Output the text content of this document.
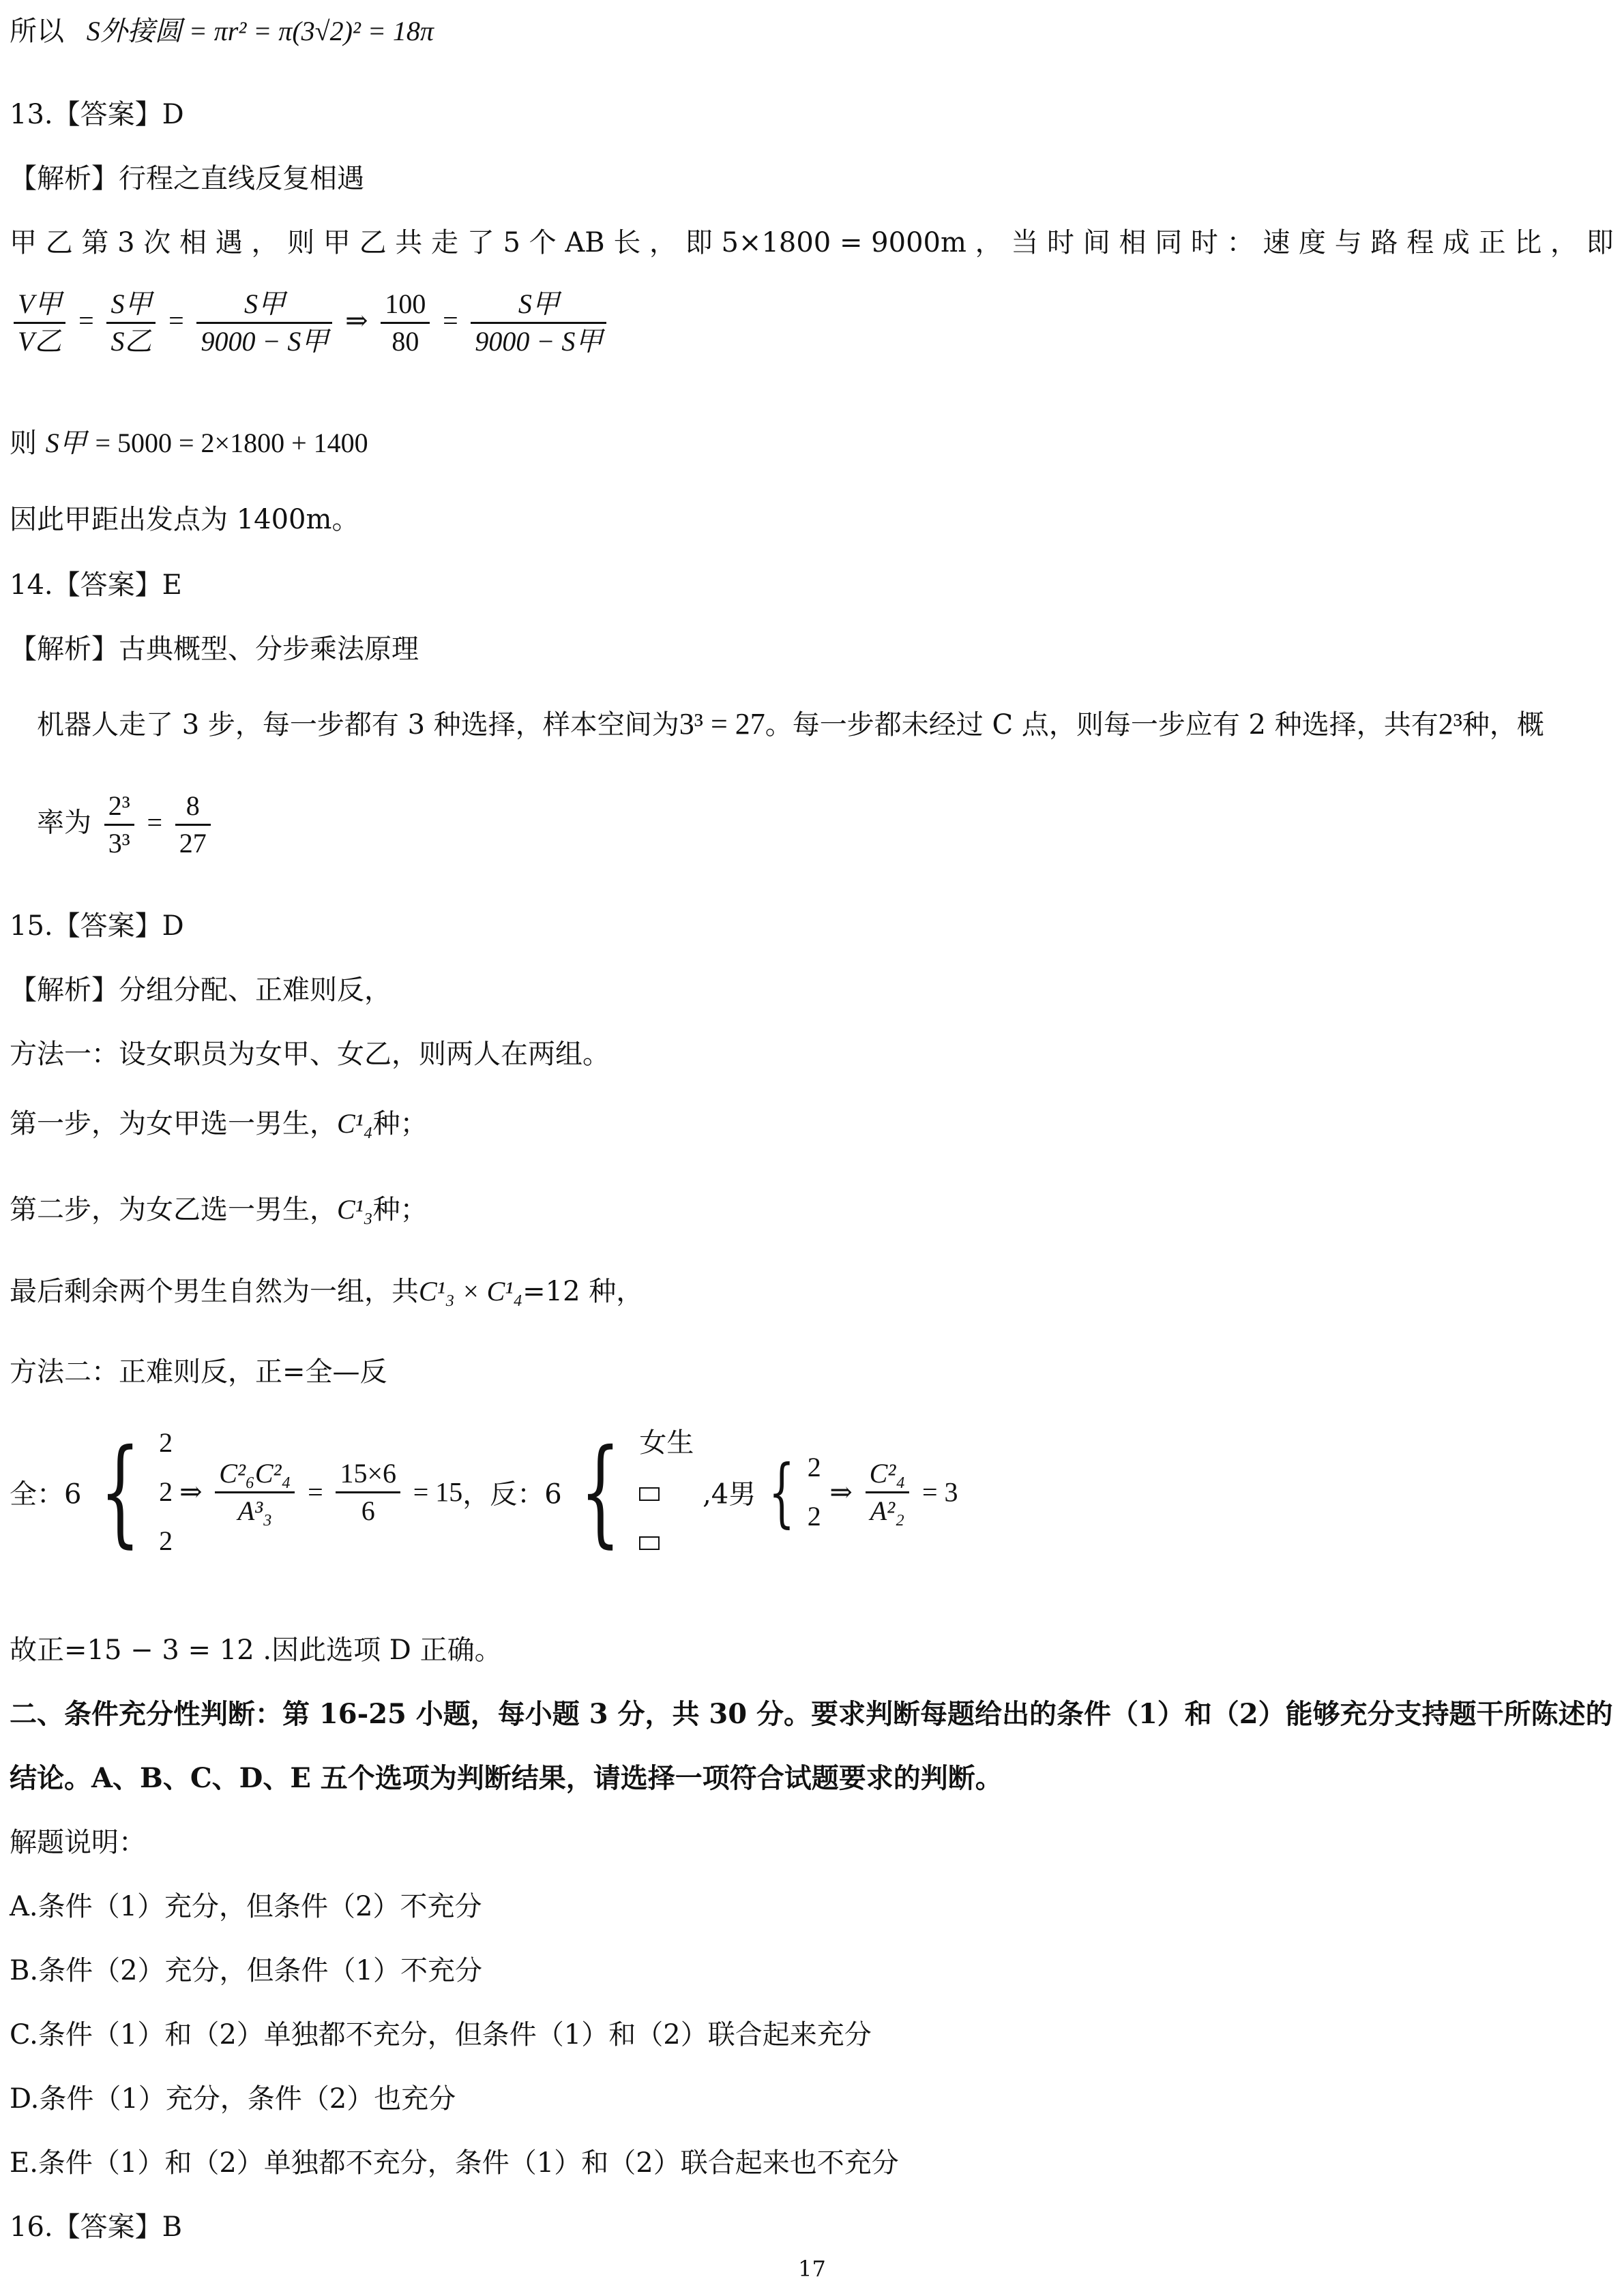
所以 S外接圆 = πr² = π(3√2)² = 18π
13.【答案】D
【解析】行程之直线反复相遇
甲 乙 第 3 次 相 遇 ， 则 甲 乙 共 走 了 5 个 AB 长 ， 即 5×1800 = 9000m ， 当 时 间 相 同 时 ： 速 度 与 路 程 成 正 比 ， 即
$\frac{\text{V甲}}{\text{V乙}} = \frac{\text{S甲}}{\text{S乙}} = \frac{\text{S甲}}{\text{9000 − S甲}}$ ⇒ $\frac{100}{80} = \frac{\text{S甲}}{\text{9000 − S甲}}$
则 S甲 = 5000 = 2×1800 + 1400
因此甲距出发点为 1400m。
14.【答案】E
【解析】古典概型、分步乘法原理
机器人走了 3 步，每一步都有 3 种选择，样本空间为3³ = 27。每一步都未经过 C 点，则每一步应有 2 种选择，共有2³种，概
率为 $\frac{\text{2³}}{\text{3³}} = \frac{8}{27}$
15.【答案】D
【解析】分组分配、正难则反，
方法一：设女职员为女甲、女乙，则两人在两组。
第一步，为女甲选一男生，C¹₄种；
第二步，为女乙选一男生，C¹₃种；
最后剩余两个男生自然为一组，共C¹₃ × C¹₄=12 种，
方法二：正难则反，正=全—反
全：6 { 2
2 ⇒
2

$\frac{\text{C²₆C²₄}}{\text{A³₃}} = \frac{15\times 6}{6} = 15$，反：6 { 女生
,4男 { 2
2
⇒ $\frac{\text{C²₄}}{\text{A²₂}} = 3$
故正=15 − 3 = 12 .因此选项 D 正确。
二、条件充分性判断：第 16-25 小题，每小题 3 分，共 30 分。要求判断每题给出的条件（1）和（2）能够充分支持题干所陈述的
结论。A、B、C、D、E 五个选项为判断结果，请选择一项符合试题要求的判断。
解题说明：
A.条件（1）充分，但条件（2）不充分
B.条件（2）充分，但条件（1）不充分
C.条件（1）和（2）单独都不充分，但条件（1）和（2）联合起来充分
D.条件（1）充分，条件（2）也充分
E.条件（1）和（2）单独都不充分，条件（1）和（2）联合起来也不充分
16.【答案】B
17
